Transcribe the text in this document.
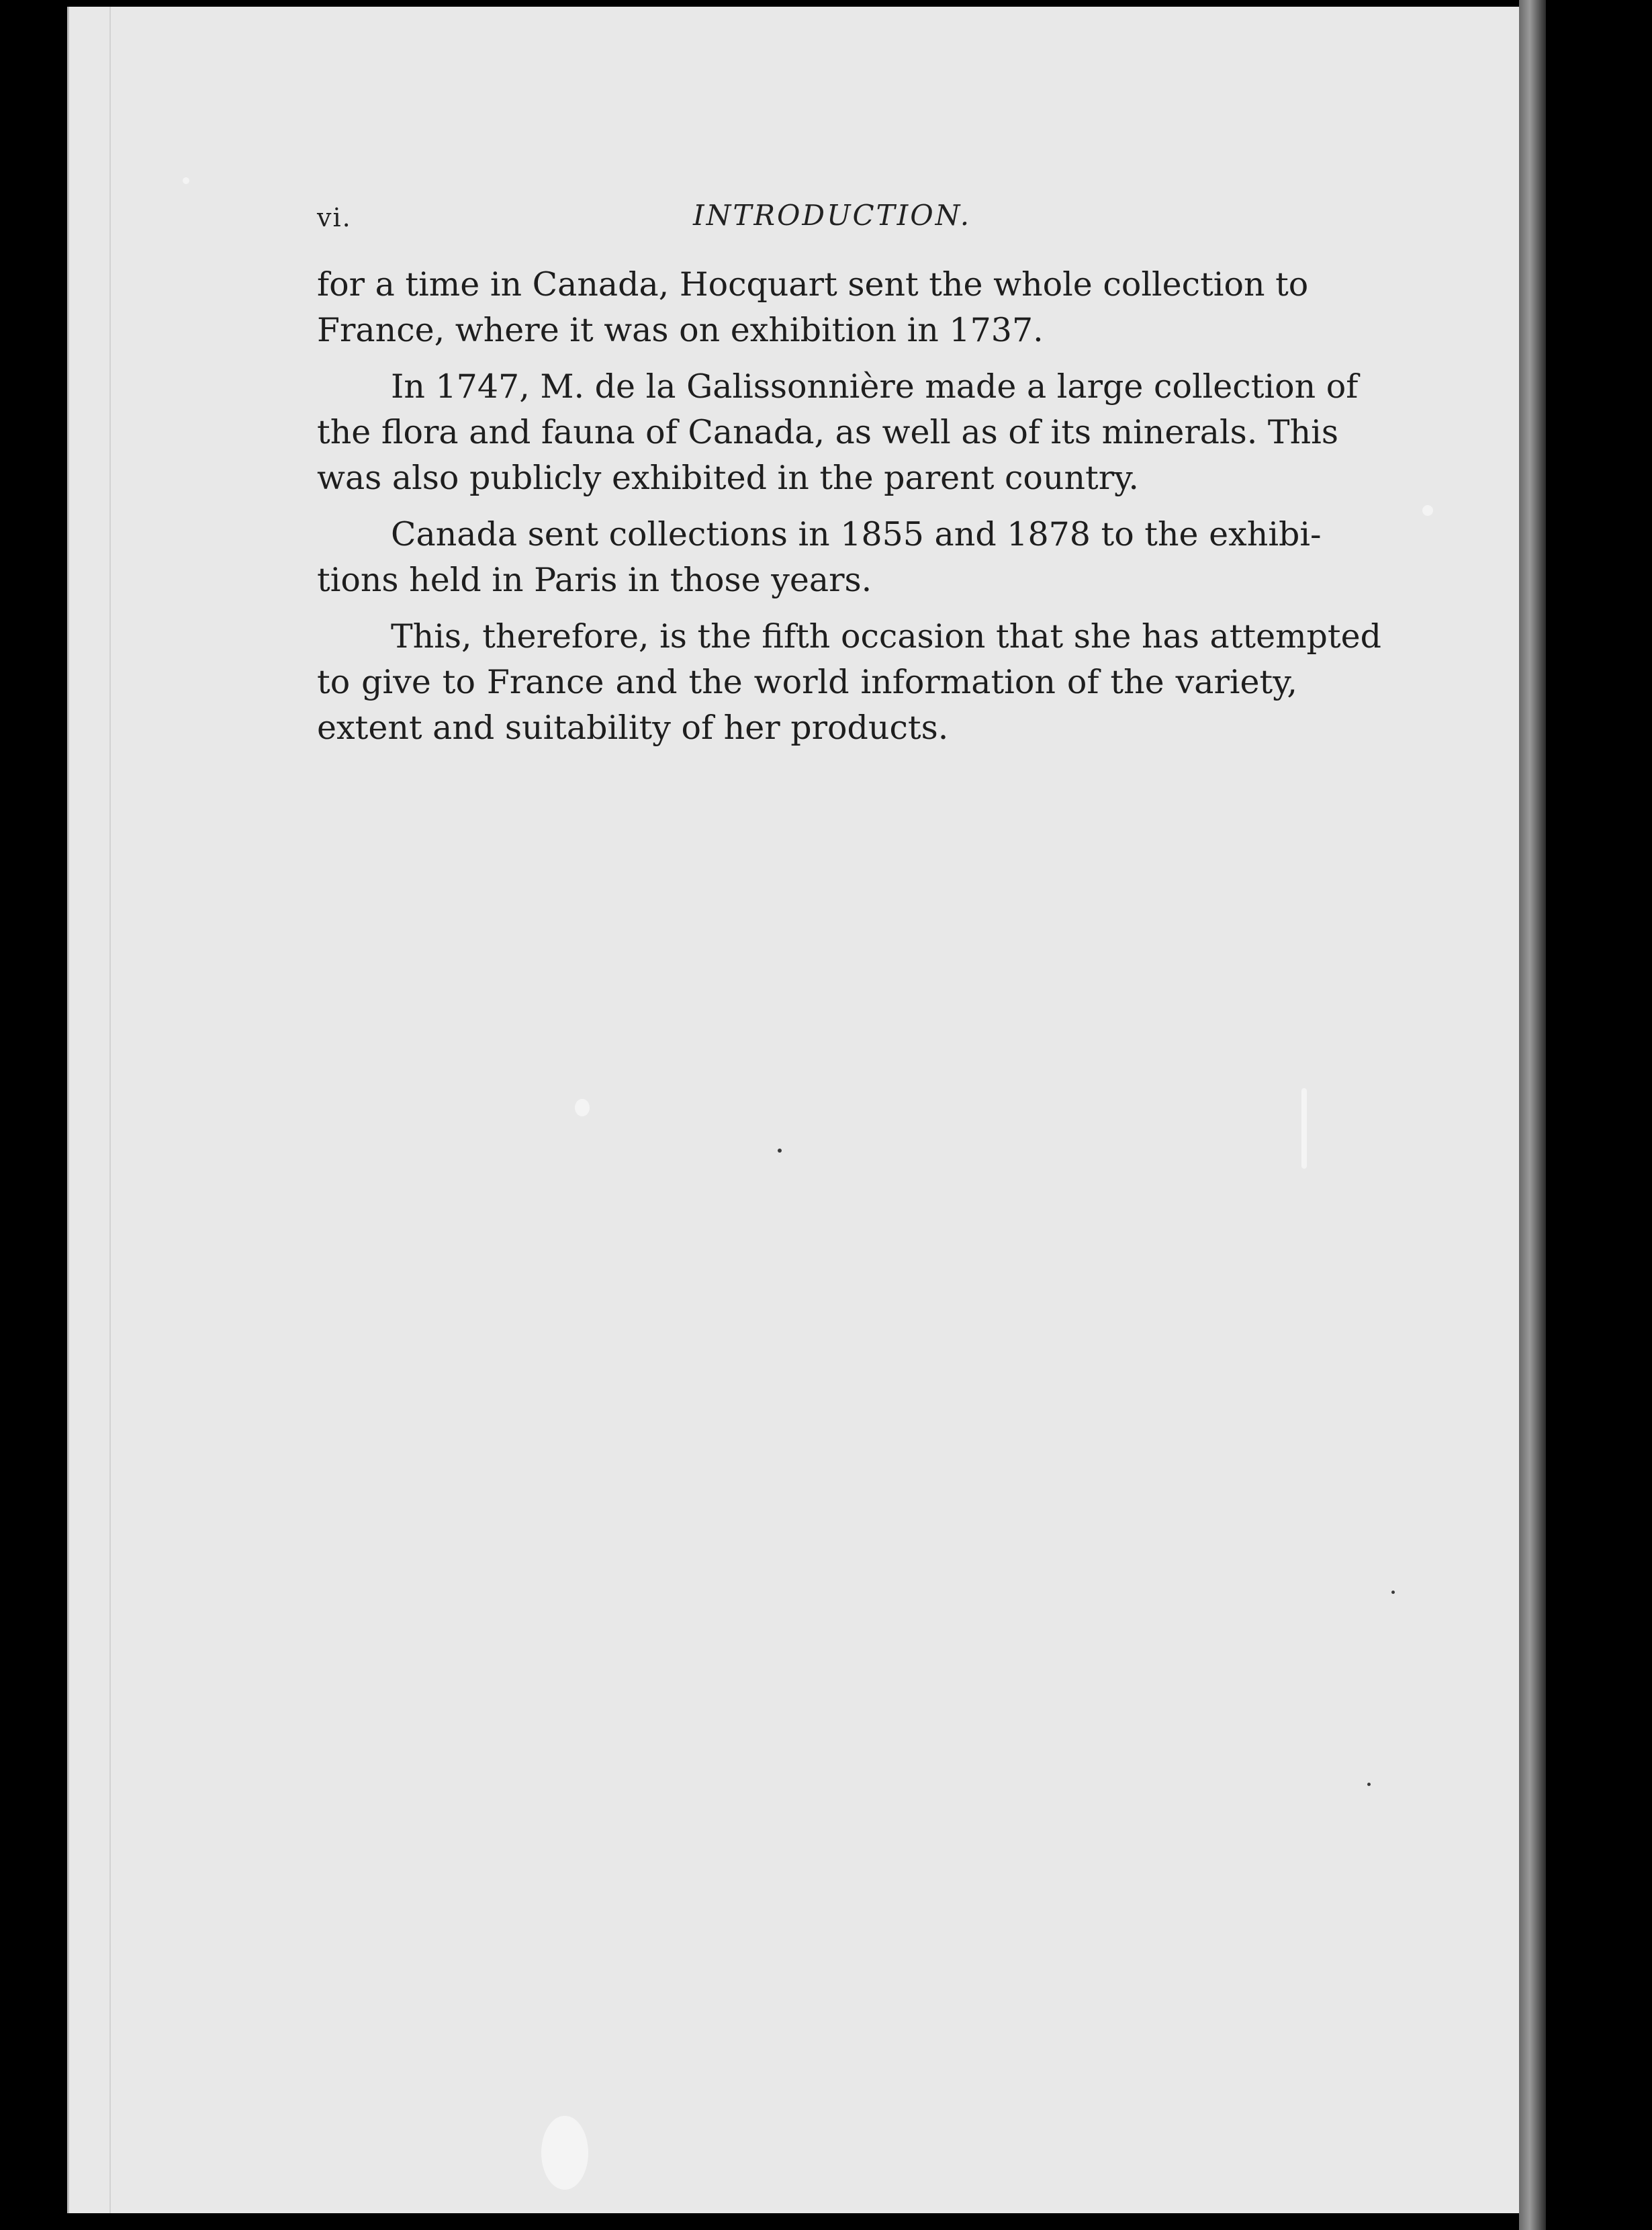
vi.	INTRODUCTION.
for a time in Canada, Hocquart sent the whole collection to
France, where it was on exhibition in 1737.
In 1747, M. de la Galissonnière made a large collection of
the flora and fauna of Canada, as well as of its minerals. This
was also publicly exhibited in the parent country.
Canada sent collections in 1855 and 1878 to the exhibi-
tions held in Paris in those years.
This, therefore, is the fifth occasion that she has attempted
to give to France and the world information of the variety,
extent and suitability of her products.
